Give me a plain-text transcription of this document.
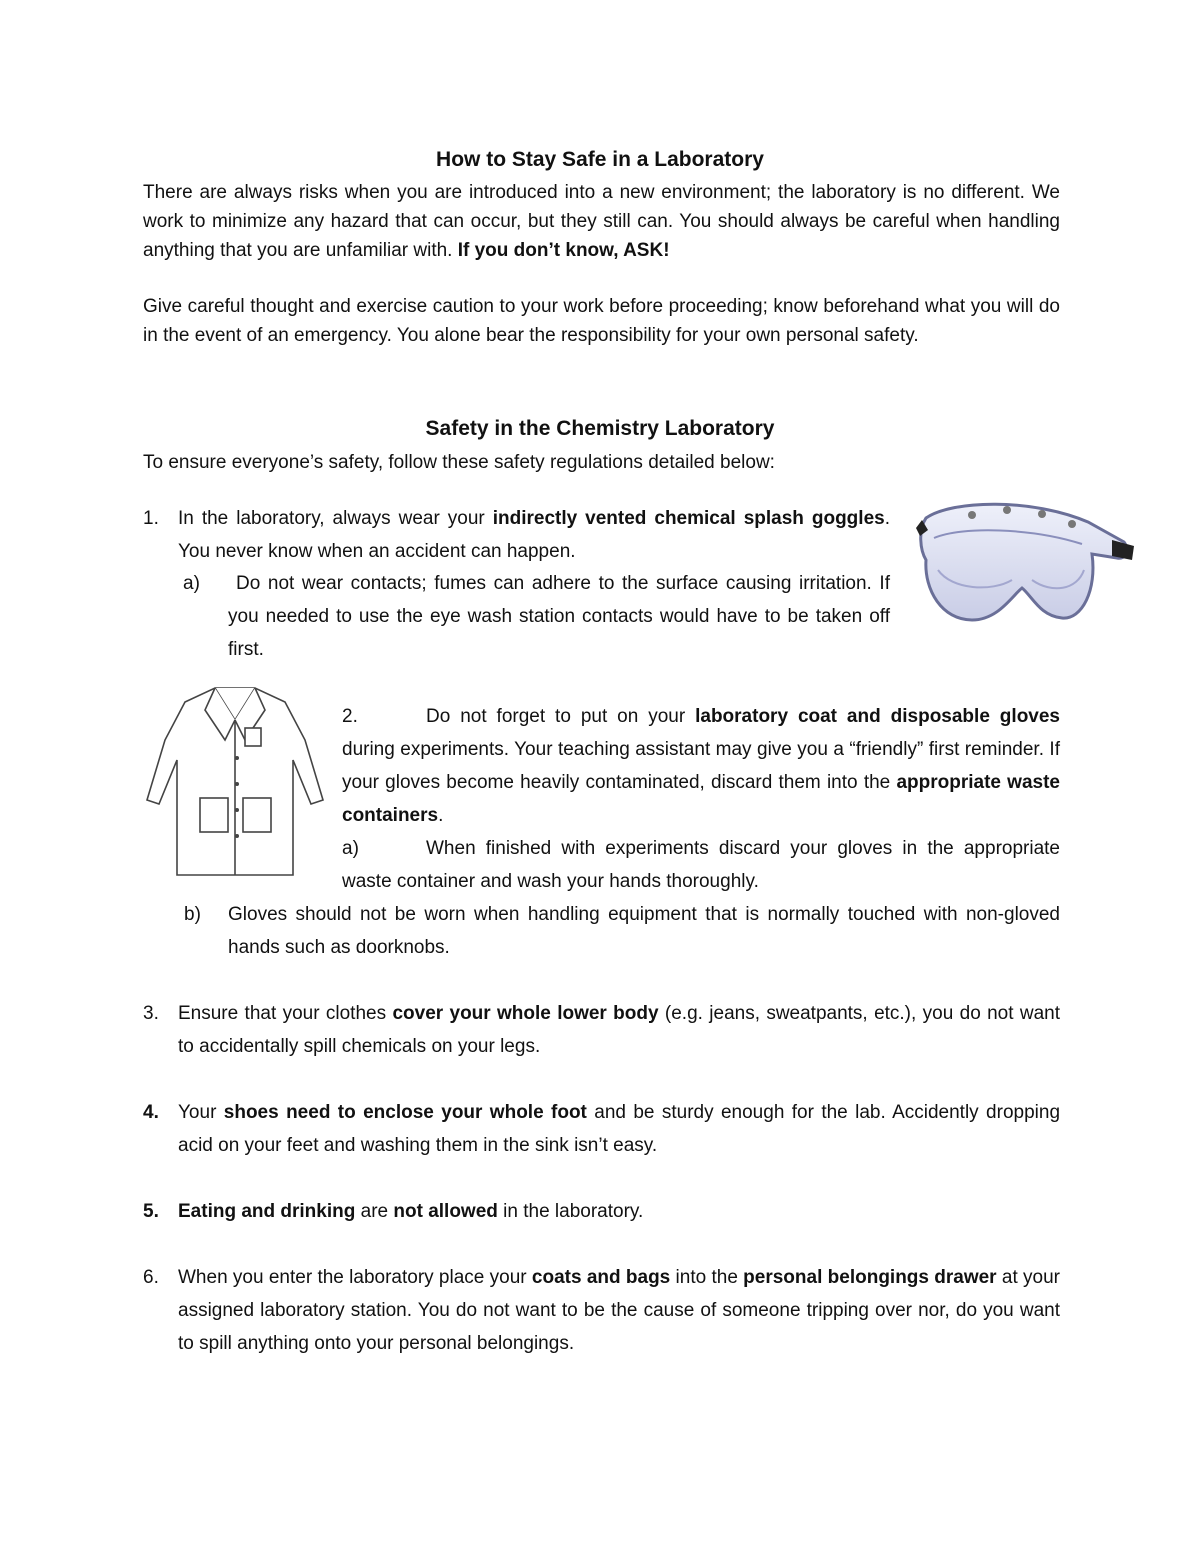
How to Stay Safe in a Laboratory
There are always risks when you are introduced into a new environment; the laboratory is no different. We work to minimize any hazard that can occur, but they still can. You should always be careful when handling anything that you are unfamiliar with. If you don’t know, ASK!
Give careful thought and exercise caution to your work before proceeding; know beforehand what you will do in the event of an emergency. You alone bear the responsibility for your own personal safety.
Safety in the Chemistry Laboratory
To ensure everyone’s safety, follow these safety regulations detailed below:
1. In the laboratory, always wear your indirectly vented chemical splash goggles. You never know when an accident can happen.
a)	Do not wear contacts; fumes can adhere to the surface causing irritation. If you needed to use the eye wash station contacts would have to be taken off first.
2.	Do not forget to put on your laboratory coat and disposable gloves during experiments. Your teaching assistant may give you a “friendly” first reminder. If your gloves become heavily contaminated, discard them into the appropriate waste containers.
a)	When finished with experiments discard your gloves in the appropriate waste container and wash your hands thoroughly.
b) Gloves should not be worn when handling equipment that is normally touched with non-gloved hands such as doorknobs.
3. Ensure that your clothes cover your whole lower body (e.g. jeans, sweatpants, etc.), you do not want to accidentally spill chemicals on your legs.
4. Your shoes need to enclose your whole foot and be sturdy enough for the lab. Accidently dropping acid on your feet and washing them in the sink isn’t easy.
5. Eating and drinking are not allowed in the laboratory.
6. When you enter the laboratory place your coats and bags into the personal belongings drawer at your assigned laboratory station. You do not want to be the cause of someone tripping over nor, do you want to spill anything onto your personal belongings.
